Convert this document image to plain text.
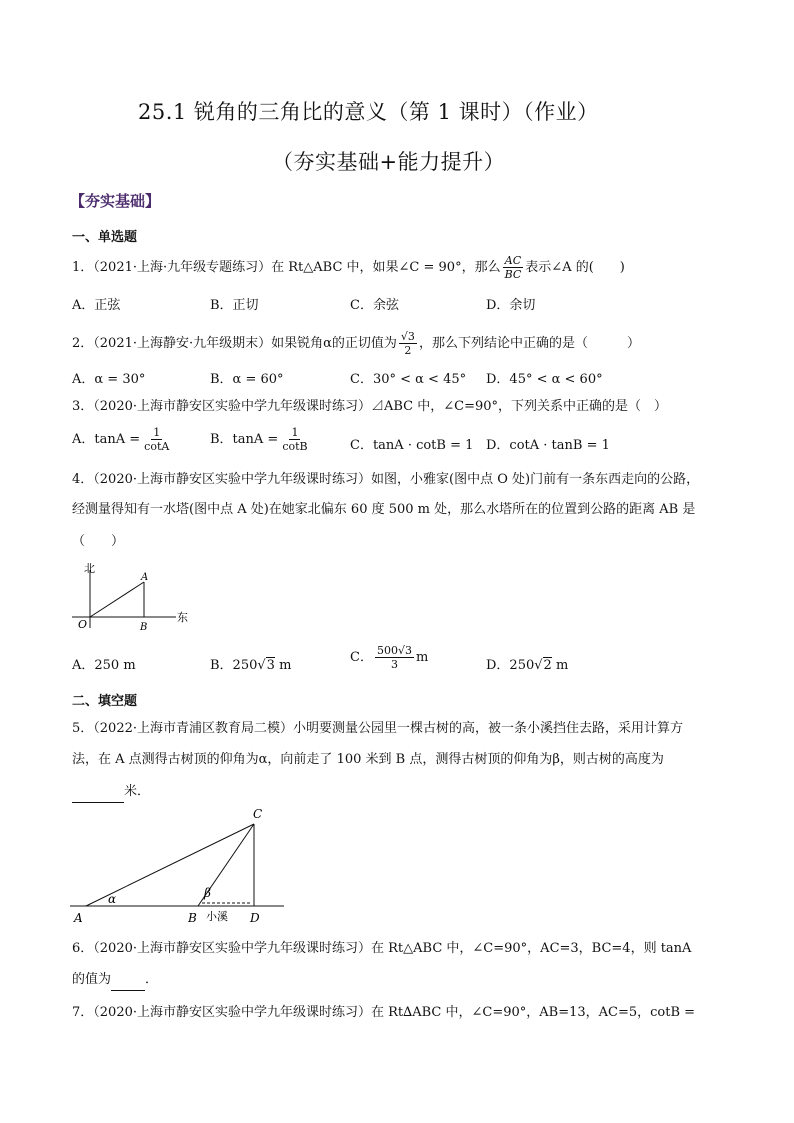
25.1 锐角的三角比的意义（第 1 课时）（作业）
（夯实基础+能力提升）
【夯实基础】
一、单选题
1．（2021·上海·九年级专题练习）在 Rt△ABC 中，如果∠C = 90°，那么 $\frac{AC}{BC}$ 表示∠A 的(　　)
A．正弦	B．正切	C．余弦	D．余切
2．（2021·上海静安·九年级期末）如果锐角α的正切值为 $\frac{√3}{2}$ ，那么下列结论中正确的是（　　　）
A．α = 30°	B．α = 60°	C．30° < α < 45° D．45° < α < 60°
3．（2020·上海市静安区实验中学九年级课时练习）⊿ABC 中，∠C=90°，下列关系中正确的是（　）
A．$\tan A = \frac{1}{\cot A}$	B．$\tan A = \frac{1}{\cot B}$	C．tanA · cotB = 1 D．cotA · tanB = 1
4．（2020·上海市静安区实验中学九年级课时练习）如图，小雅家(图中点 O 处)门前有一条东西走向的公路，
经测量得知有一水塔(图中点 A 处)在她家北偏东 60 度 500 m 处，那么水塔所在的位置到公路的距离 AB 是
（　　）
北
东
O
A
B
A．250 m	B．250√3 m
C． $\frac{500√3}{3}$ m
D．250√2 m
二、填空题
5．（2022·上海市青浦区教育局二模）小明要测量公园里一棵古树的高，被一条小溪挡住去路，采用计算方
法，在 A 点测得古树顶的仰角为α，向前走了 100 米到 B 点，测得古树顶的仰角为β，则古树的高度为
米．
C
A	B	D
α	β
小溪
6．（2020·上海市静安区实验中学九年级课时练习）在 Rt△ABC 中，∠C=90°，AC=3，BC=4，则 tanA
的值为	．
7．（2020·上海市静安区实验中学九年级课时练习）在 Rt∆ABC 中，∠C=90°，AB=13，AC=5，cotB =
